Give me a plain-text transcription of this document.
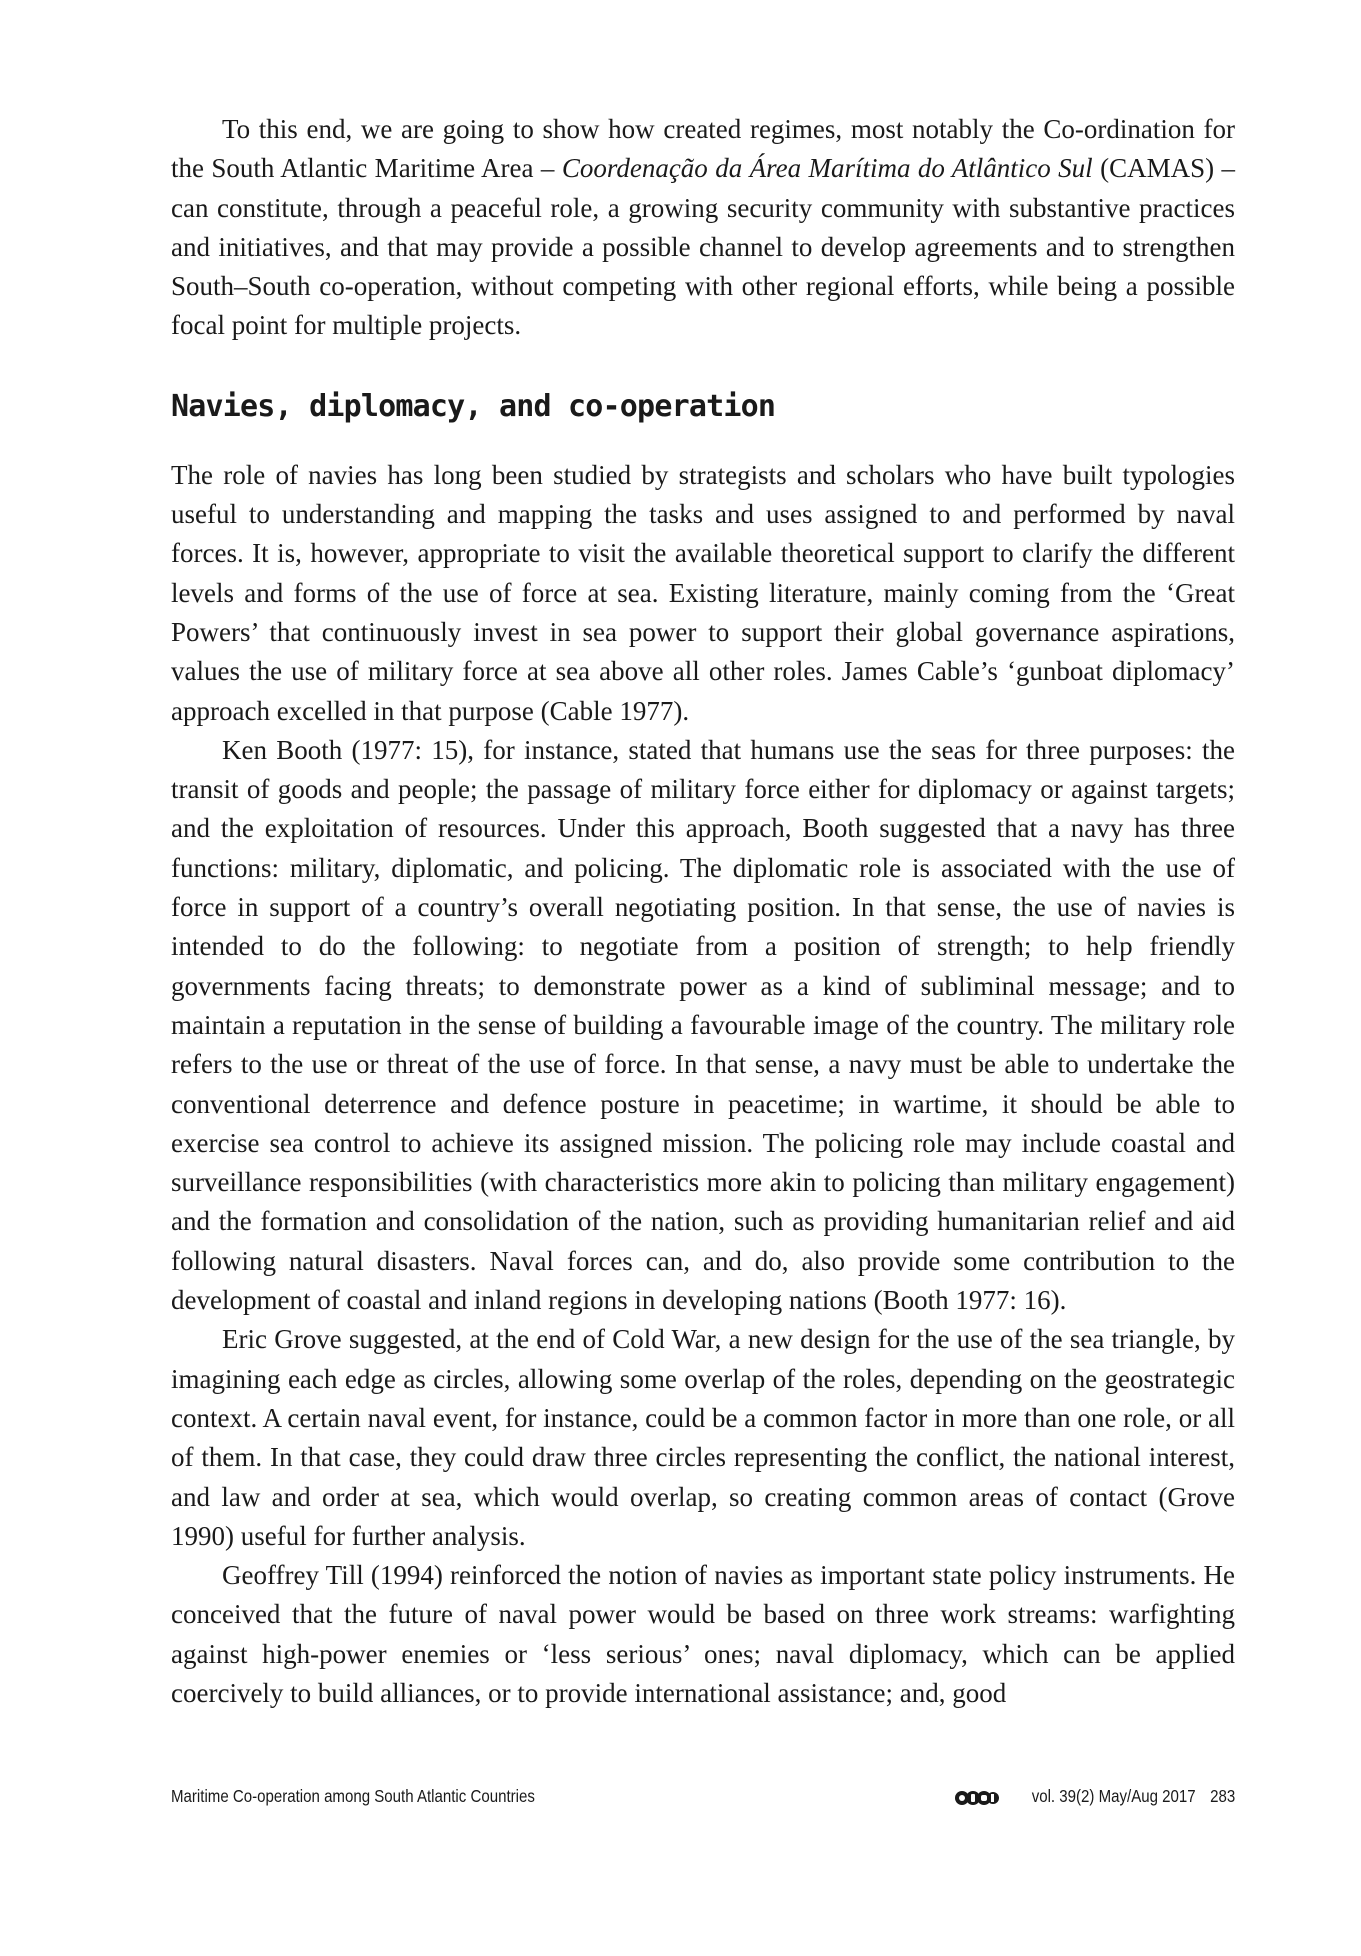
To this end, we are going to show how created regimes, most notably the Co-ordination for the South Atlantic Maritime Area – Coordenação da Área Marítima do Atlântico Sul (CAMAS) – can constitute, through a peaceful role, a growing security community with substantive practices and initiatives, and that may provide a possible channel to develop agreements and to strengthen South–South co-operation, without competing with other regional efforts, while being a possible focal point for multiple projects.

Navies, diplomacy, and co-operation

The role of navies has long been studied by strategists and scholars who have built typologies useful to understanding and mapping the tasks and uses assigned to and performed by naval forces. It is, however, appropriate to visit the available theoretical support to clarify the different levels and forms of the use of force at sea. Existing literature, mainly coming from the ‘Great Powers’ that continuously invest in sea power to support their global governance aspirations, values the use of military force at sea above all other roles. James Cable’s ‘gunboat diplomacy’ approach excelled in that purpose (Cable 1977).

Ken Booth (1977: 15), for instance, stated that humans use the seas for three purposes: the transit of goods and people; the passage of military force either for diplomacy or against targets; and the exploitation of resources. Under this approach, Booth suggested that a navy has three functions: military, diplomatic, and policing. The diplomatic role is associated with the use of force in support of a country’s overall negotiating position. In that sense, the use of navies is intended to do the following: to negotiate from a position of strength; to help friendly governments facing threats; to demonstrate power as a kind of subliminal message; and to maintain a reputation in the sense of building a favourable image of the country. The military role refers to the use or threat of the use of force. In that sense, a navy must be able to undertake the conventional deterrence and defence posture in peacetime; in wartime, it should be able to exercise sea control to achieve its assigned mission. The policing role may include coastal and surveillance responsibilities (with characteristics more akin to policing than military engagement) and the formation and consolidation of the nation, such as providing humanitarian relief and aid following natural disasters. Naval forces can, and do, also provide some contribution to the development of coastal and inland regions in developing nations (Booth 1977: 16).

Eric Grove suggested, at the end of Cold War, a new design for the use of the sea triangle, by imagining each edge as circles, allowing some overlap of the roles, depending on the geostrategic context. A certain naval event, for instance, could be a common factor in more than one role, or all of them. In that case, they could draw three circles representing the conflict, the national interest, and law and order at sea, which would overlap, so creating common areas of contact (Grove 1990) useful for further analysis.

Geoffrey Till (1994) reinforced the notion of navies as important state policy instruments. He conceived that the future of naval power would be based on three work streams: warfighting against high-power enemies or ‘less serious’ ones; naval diplomacy, which can be applied coercively to build alliances, or to provide international assistance; and, good

Maritime Co-operation among South Atlantic Countries	vol. 39(2) May/Aug 2017 283
